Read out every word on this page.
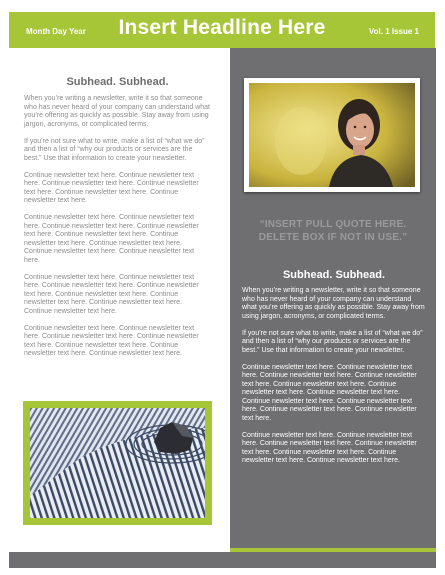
Month Day Year	Insert Headline Here	Vol. 1 Issue 1
Subhead. Subhead.

When you’re writing a newsletter, write it so that someone who has never heard of your company can understand what you’re offering as quickly as possible. Stay away from using jargon, acronyms, or complicated terms.

If you’re not sure what to write, make a list of “what we do” and then a list of “why our products or services are the best.” Use that information to create your newsletter.

Continue newsletter text here. Continue newsletter text here. Continue newsletter text here. Continue newsletter text here. Continue newsletter text here. Continue newsletter text here.

Continue newsletter text here. Continue newsletter text here. Continue newsletter text here. Continue newsletter text here. Continue newsletter text here. Continue newsletter text here. Continue newsletter text here. Continue newsletter text here. Continue newsletter text here.

Continue newsletter text here. Continue newsletter text here. Continue newsletter text here. Continue newsletter text here. Continue newsletter text here. Continue newsletter text here. Continue newsletter text here. Continue newsletter text here.

Continue newsletter text here. Continue newsletter text here. Continue newsletter text here. Continue newsletter text here. Continue newsletter text here. Continue newsletter text here. Continue newsletter text here.

“INSERT PULL QUOTE HERE. DELETE BOX IF NOT IN USE.”
Subhead. Subhead.

When you’re writing a newsletter, write it so that someone who has never heard of your company can understand what you’re offering as quickly as possible. Stay away from using jargon, acronyms, or complicated terms.

If you’re not sure what to write, make a list of “what we do” and then a list of “why our products or services are the best.” Use that information to create your newsletter.

Continue newsletter text here. Continue newsletter text here. Continue newsletter text here. Continue newsletter text here. Continue newsletter text here. Continue newsletter text here. Continue newsletter text here. Continue newsletter text here. Continue newsletter text here. Continue newsletter text here. Continue newsletter text here.

Continue newsletter text here. Continue newsletter text here. Continue newsletter text here. Continue newsletter text here. Continue newsletter text here. Continue newsletter text here. Continue newsletter text here.
